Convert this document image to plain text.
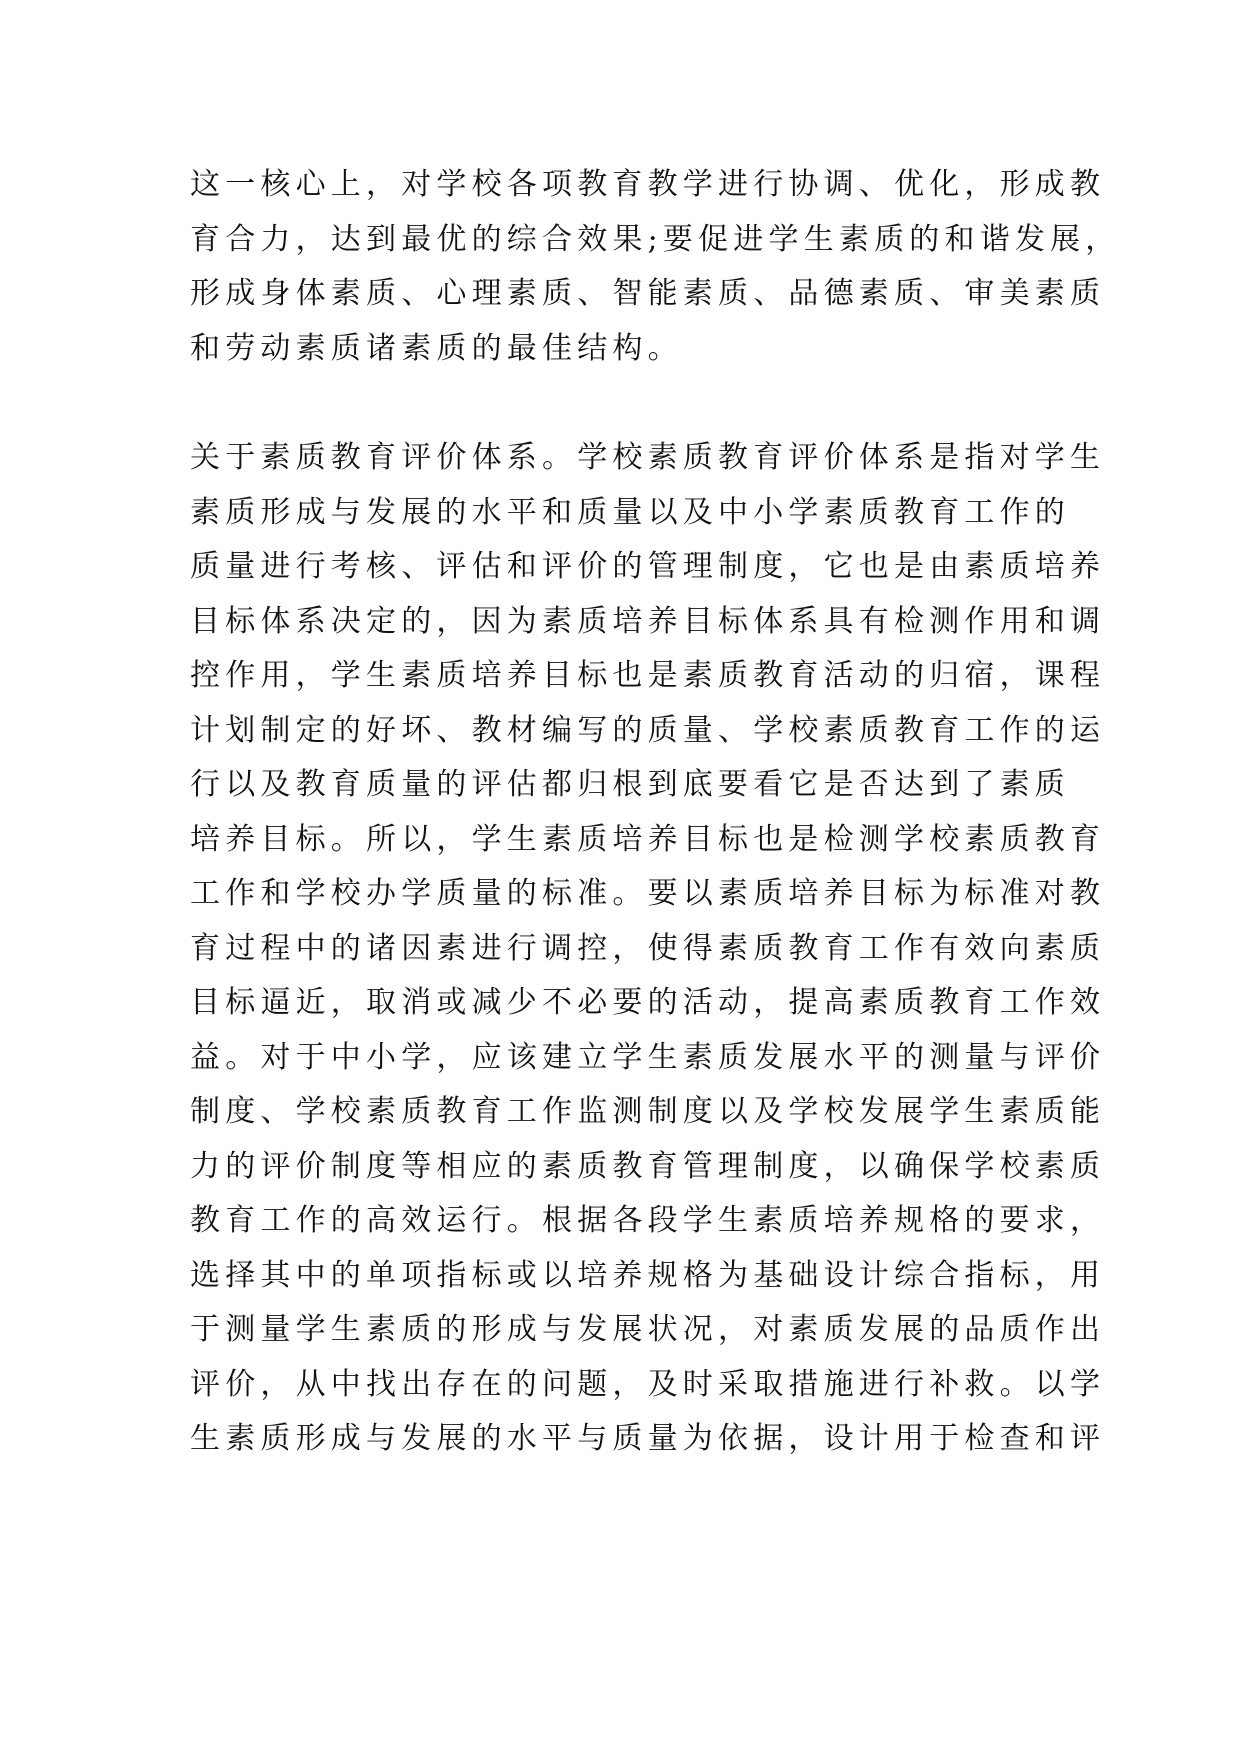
这一核心上，对学校各项教育教学进行协调、优化，形成教
育合力，达到最优的综合效果;要促进学生素质的和谐发展，
形成身体素质、心理素质、智能素质、品德素质、审美素质
和劳动素质诸素质的最佳结构。
关于素质教育评价体系。学校素质教育评价体系是指对学生
素质形成与发展的水平和质量以及中小学素质教育工作的
质量进行考核、评估和评价的管理制度，它也是由素质培养
目标体系决定的，因为素质培养目标体系具有检测作用和调
控作用，学生素质培养目标也是素质教育活动的归宿，课程
计划制定的好坏、教材编写的质量、学校素质教育工作的运
行以及教育质量的评估都归根到底要看它是否达到了素质
培养目标。所以，学生素质培养目标也是检测学校素质教育
工作和学校办学质量的标准。要以素质培养目标为标准对教
育过程中的诸因素进行调控，使得素质教育工作有效向素质
目标逼近，取消或减少不必要的活动，提高素质教育工作效
益。对于中小学，应该建立学生素质发展水平的测量与评价
制度、学校素质教育工作监测制度以及学校发展学生素质能
力的评价制度等相应的素质教育管理制度，以确保学校素质
教育工作的高效运行。根据各段学生素质培养规格的要求，
选择其中的单项指标或以培养规格为基础设计综合指标，用
于测量学生素质的形成与发展状况，对素质发展的品质作出
评价，从中找出存在的问题，及时采取措施进行补救。以学
生素质形成与发展的水平与质量为依据，设计用于检查和评
